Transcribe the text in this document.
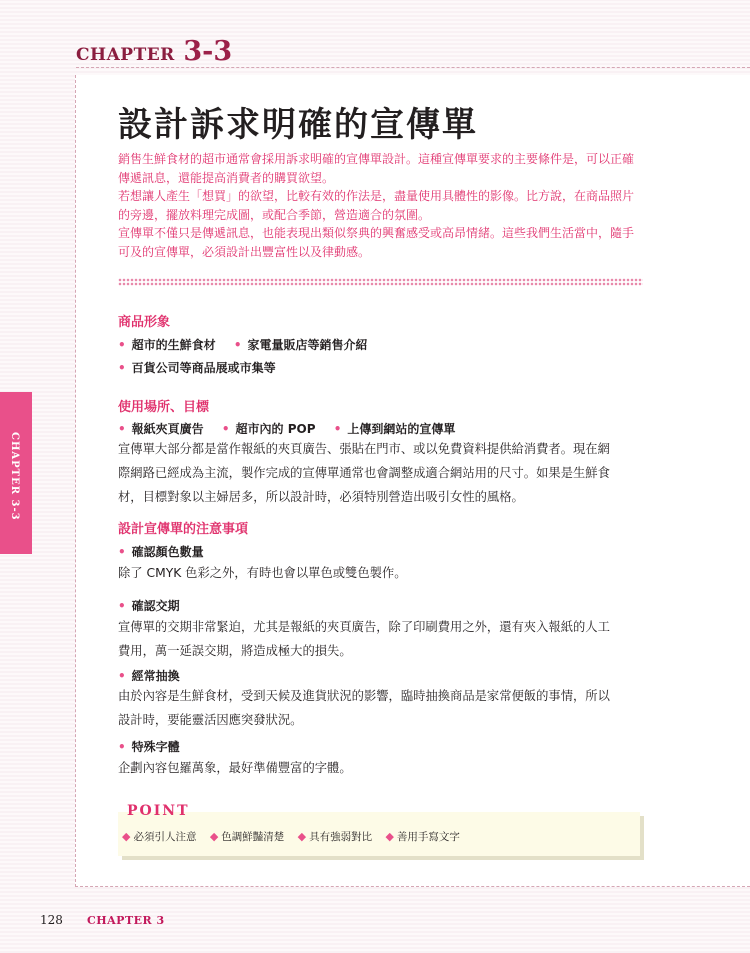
CHAPTER 3-3
設計訴求明確的宣傳單

銷售生鮮食材的超市通常會採用訴求明確的宣傳單設計。這種宣傳單要求的主要條件是，可以正確

傳遞訊息，還能提高消費者的購買欲望。

若想讓人產生「想買」的欲望，比較有效的作法是，盡量使用具體性的影像。比方說，在商品照片

的旁邊，擺放料理完成圖，或配合季節，營造適合的氛圍。

宣傳單不僅只是傳遞訊息，也能表現出類似祭典的興奮感受或高昂情緒。這些我們生活當中，隨手

可及的宣傳單，必須設計出豐富性以及律動感。

CHAPTER 3-3
商品形象
• 超市的生鮮食材 • 家電量販店等銷售介紹
• 百貨公司等商品展或市集等
使用場所、目標
• 報紙夾頁廣告 • 超市內的 POP • 上傳到網站的宣傳單
宣傳單大部分都是當作報紙的夾頁廣告、張貼在門市、或以免費資料提供給消費者。現在網
際網路已經成為主流，製作完成的宣傳單通常也會調整成適合網站用的尺寸。如果是生鮮食
材，目標對象以主婦居多，所以設計時，必須特別營造出吸引女性的風格。
設計宣傳單的注意事項
• 確認顏色數量
除了 CMYK 色彩之外，有時也會以單色或雙色製作。
• 確認交期
宣傳單的交期非常緊迫，尤其是報紙的夾頁廣告，除了印刷費用之外，還有夾入報紙的人工
費用，萬一延誤交期，將造成極大的損失。
• 經常抽換
由於內容是生鮮食材，受到天候及進貨狀況的影響，臨時抽換商品是家常便飯的事情，所以
設計時，要能靈活因應突發狀況。
• 特殊字體
企劃內容包羅萬象，最好準備豐富的字體。
POINT
◆ 必須引人注意 ◆ 色調鮮豔清楚 ◆ 具有強弱對比 ◆ 善用手寫文字
128 CHAPTER 3
